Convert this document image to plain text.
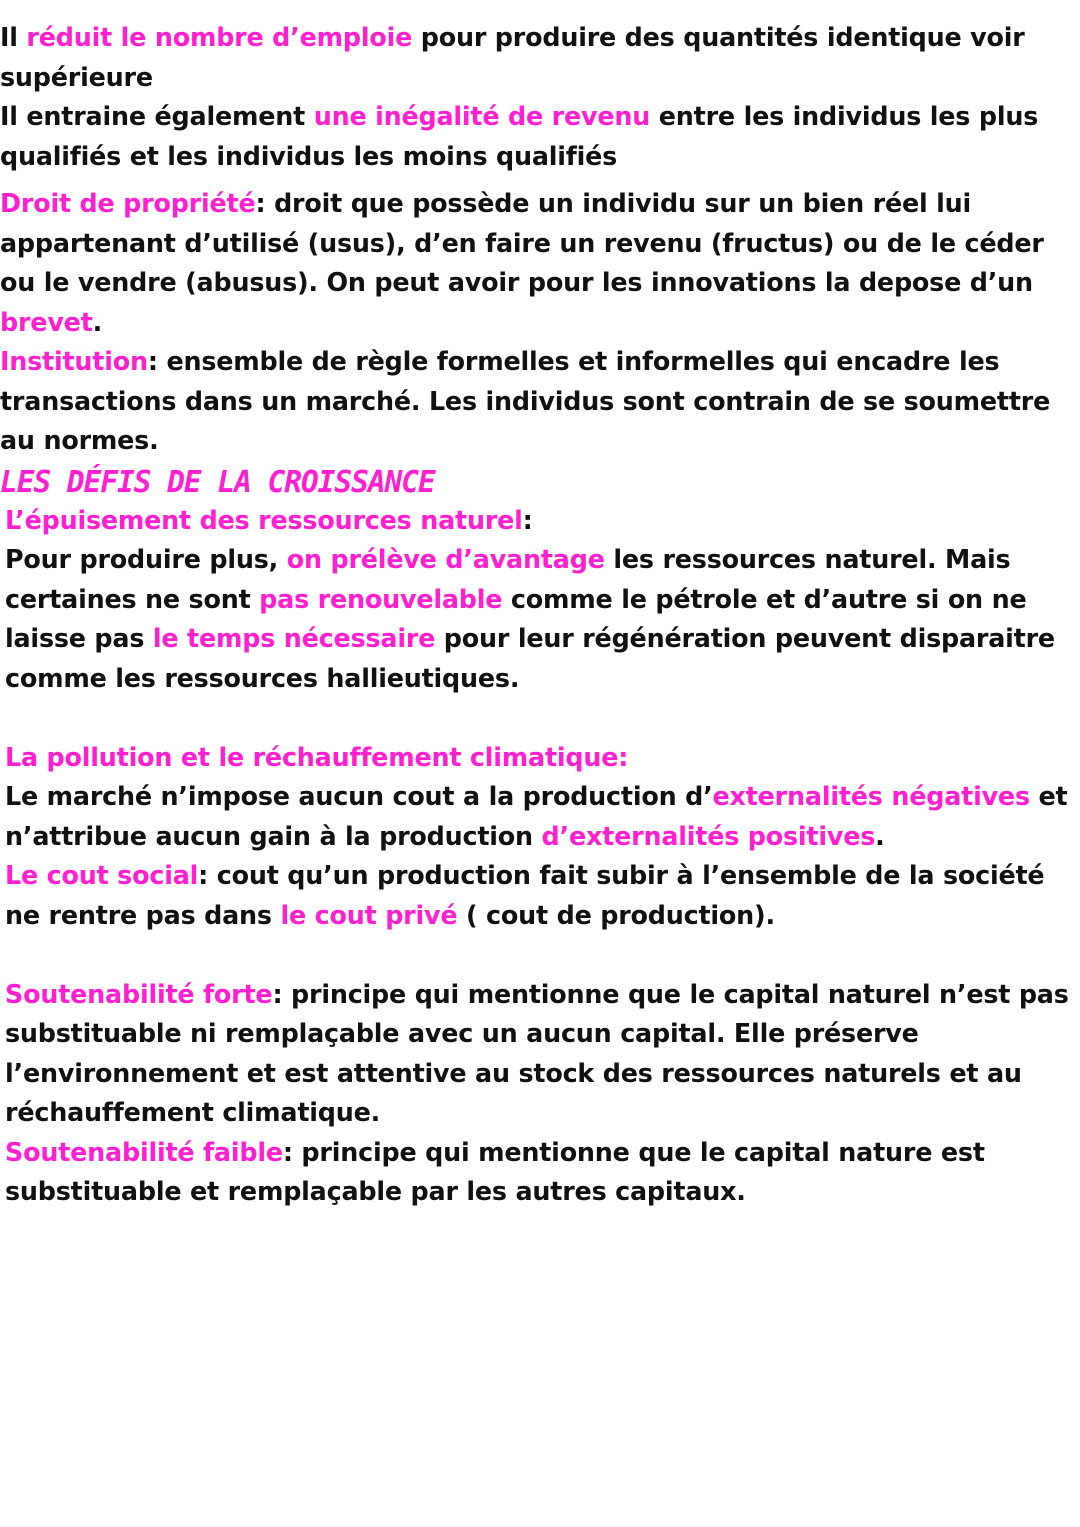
Il réduit le nombre d’emploie pour produire des quantités identique voir supérieure

Il entraine également une inégalité de revenu entre les individus les plus qualifiés et les individus les moins qualifiés

Droit de propriété: droit que possède un individu sur un bien réel lui appartenant d’utilisé (usus), d’en faire un revenu (fructus) ou de le céder ou le vendre (abusus). On peut avoir pour les innovations la depose d’un brevet.

Institution: ensemble de règle formelles et informelles qui encadre les transactions dans un marché. Les individus sont contrain de se soumettre au normes.

LES DÉFIS DE LA CROISSANCE

L’épuisement des ressources naturel:

Pour produire plus, on prélève d’avantage les ressources naturel. Mais certaines ne sont pas renouvelable comme le pétrole et d’autre si on ne laisse pas le temps nécessaire pour leur régénération peuvent disparaitre comme les ressources hallieutiques.

La pollution et le réchauffement climatique:

Le marché n’impose aucun cout a la production d’externalités négatives et n’attribue aucun gain à la production d’externalités positives.

Le cout social: cout qu’un production fait subir à l’ensemble de la société ne rentre pas dans le cout privé ( cout de production).

Soutenabilité forte: principe qui mentionne que le capital naturel n’est pas substituable ni remplaçable avec un aucun capital. Elle préserve l’environnement et est attentive au stock des ressources naturels et au réchauffement climatique.

Soutenabilité faible: principe qui mentionne que le capital nature est substituable et remplaçable par les autres capitaux.
